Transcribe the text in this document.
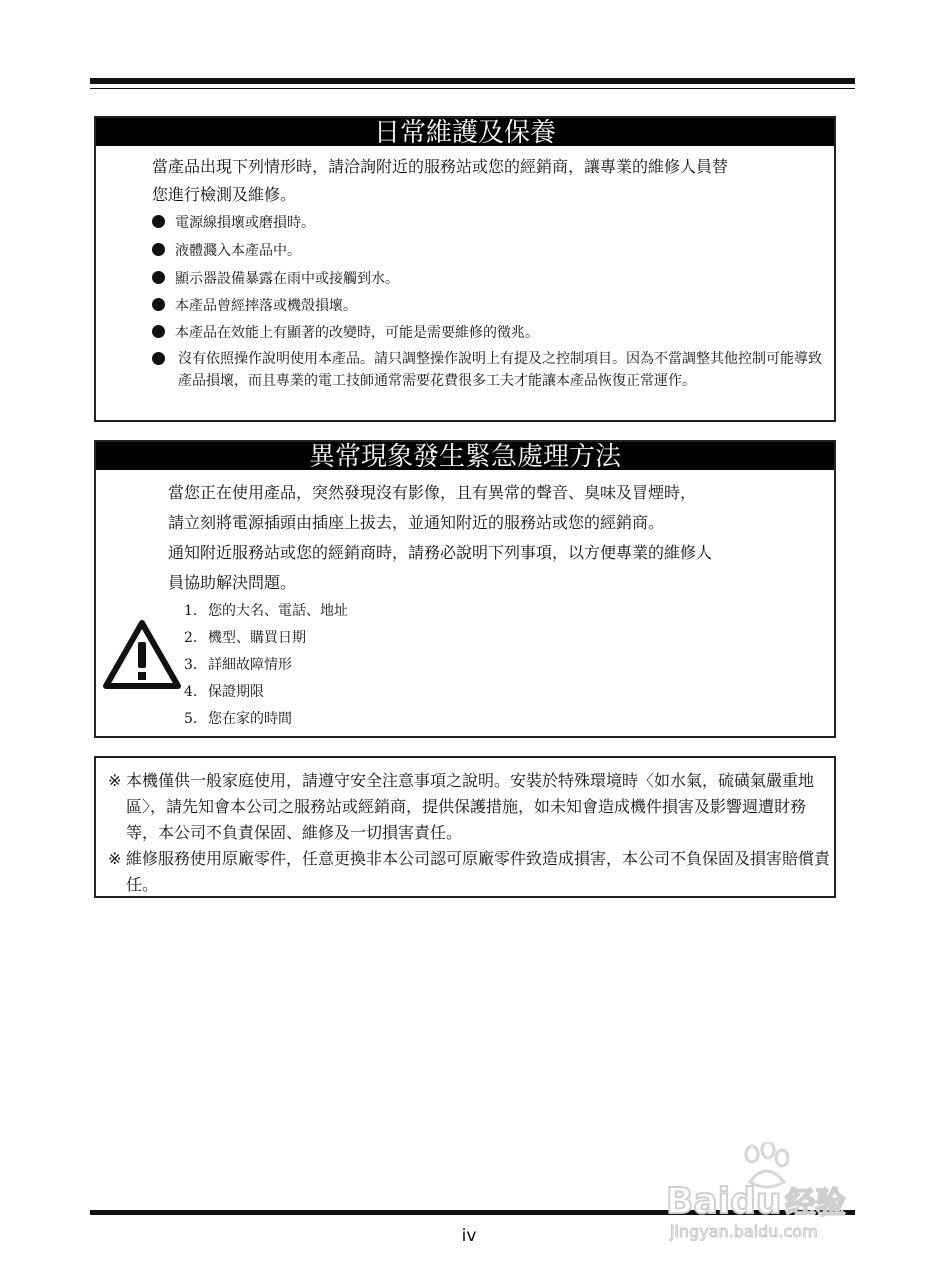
日常維護及保養
當產品出現下列情形時，請洽詢附近的服務站或您的經銷商，讓專業的維修人員替
您進行檢測及維修。
電源線損壞或磨損時。
液體濺入本產品中。
顯示器設備暴露在雨中或接觸到水。
本產品曾經摔落或機殼損壞。
本產品在效能上有顯著的改變時，可能是需要維修的徵兆。
沒有依照操作說明使用本產品。請只調整操作說明上有提及之控制項目。因為不當調整其他控制可能導致產品損壞，而且專業的電工技師通常需要花費很多工夫才能讓本產品恢復正常運作。
異常現象發生緊急處理方法
當您正在使用產品，突然發現沒有影像，且有異常的聲音、臭味及冒煙時，
請立刻將電源插頭由插座上拔去，並通知附近的服務站或您的經銷商。
通知附近服務站或您的經銷商時，請務必說明下列事項，以方便專業的維修人
員協助解決問題。
1. 您的大名、電話、地址
2. 機型、購買日期
3. 詳細故障情形
4. 保證期限
5. 您在家的時間
※ 本機僅供一般家庭使用，請遵守安全注意事項之說明。安裝於特殊環境時〈如水氣，硫磺氣嚴重地區〉，請先知會本公司之服務站或經銷商，提供保護措施，如未知會造成機件損害及影響週遭財務等，本公司不負責保固、維修及一切損害責任。
※ 維修服務使用原廠零件，任意更換非本公司認可原廠零件致造成損害，本公司不負保固及損害賠償責任。
iv
Baidu 经验
jingyan.baidu.com
